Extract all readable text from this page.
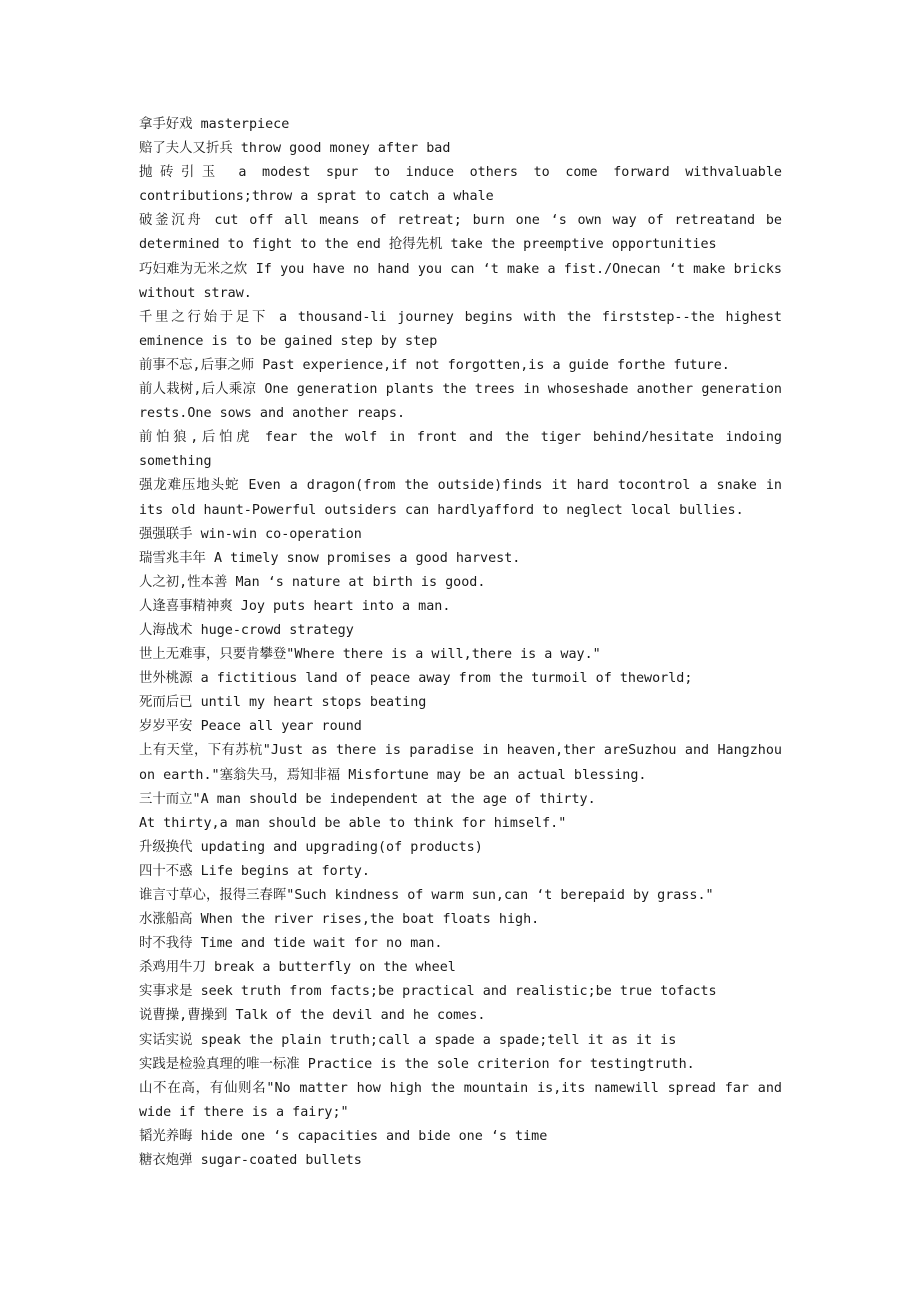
拿手好戏 masterpiece

赔了夫人又折兵 throw good money after bad

抛砖引玉 a modest spur to induce others to come forward withvaluable contributions;throw a sprat to catch a whale

破釜沉舟 cut off all means of retreat; burn one ‘s own way of retreatand be determined to fight to the end 抢得先机 take the preemptive opportunities

巧妇难为无米之炊 If you have no hand you can ‘t make a fist./Onecan ‘t make bricks without straw.

千里之行始于足下 a thousand-li journey begins with the firststep--the highest eminence is to be gained step by step

前事不忘,后事之师 Past experience,if not forgotten,is a guide forthe future.

前人栽树,后人乘凉 One generation plants the trees in whoseshade another generation rests.One sows and another reaps.

前怕狼,后怕虎 fear the wolf in front and the tiger behind/hesitate indoing something

强龙难压地头蛇 Even a dragon(from the outside)finds it hard tocontrol a snake in its old haunt-Powerful outsiders can hardlyafford to neglect local bullies.

强强联手 win-win co-operation

瑞雪兆丰年 A timely snow promises a good harvest.

人之初,性本善 Man ‘s nature at birth is good.

人逢喜事精神爽 Joy puts heart into a man.

人海战术 huge-crowd strategy

世上无难事，只要肯攀登"Where there is a will,there is a way."

世外桃源 a fictitious land of peace away from the turmoil of theworld;

死而后已 until my heart stops beating

岁岁平安 Peace all year round

上有天堂，下有苏杭"Just as there is paradise in heaven,ther areSuzhou and Hangzhou on earth."塞翁失马，焉知非福 Misfortune may be an actual blessing.

三十而立"A man should be independent at the age of thirty.

At thirty,a man should be able to think for himself."

升级换代 updating and upgrading(of products)

四十不惑 Life begins at forty.

谁言寸草心，报得三春晖"Such kindness of warm sun,can ‘t berepaid by grass."

水涨船高 When the river rises,the boat floats high.

时不我待 Time and tide wait for no man.

杀鸡用牛刀 break a butterfly on the wheel

实事求是 seek truth from facts;be practical and realistic;be true tofacts

说曹操,曹操到 Talk of the devil and he comes.

实话实说 speak the plain truth;call a spade a spade;tell it as it is

实践是检验真理的唯一标准 Practice is the sole criterion for testingtruth.

山不在高，有仙则名"No matter how high the mountain is,its namewill spread far and wide if there is a fairy;"

韬光养晦 hide one ‘s capacities and bide one ‘s time

糖衣炮弹 sugar-coated bullets
